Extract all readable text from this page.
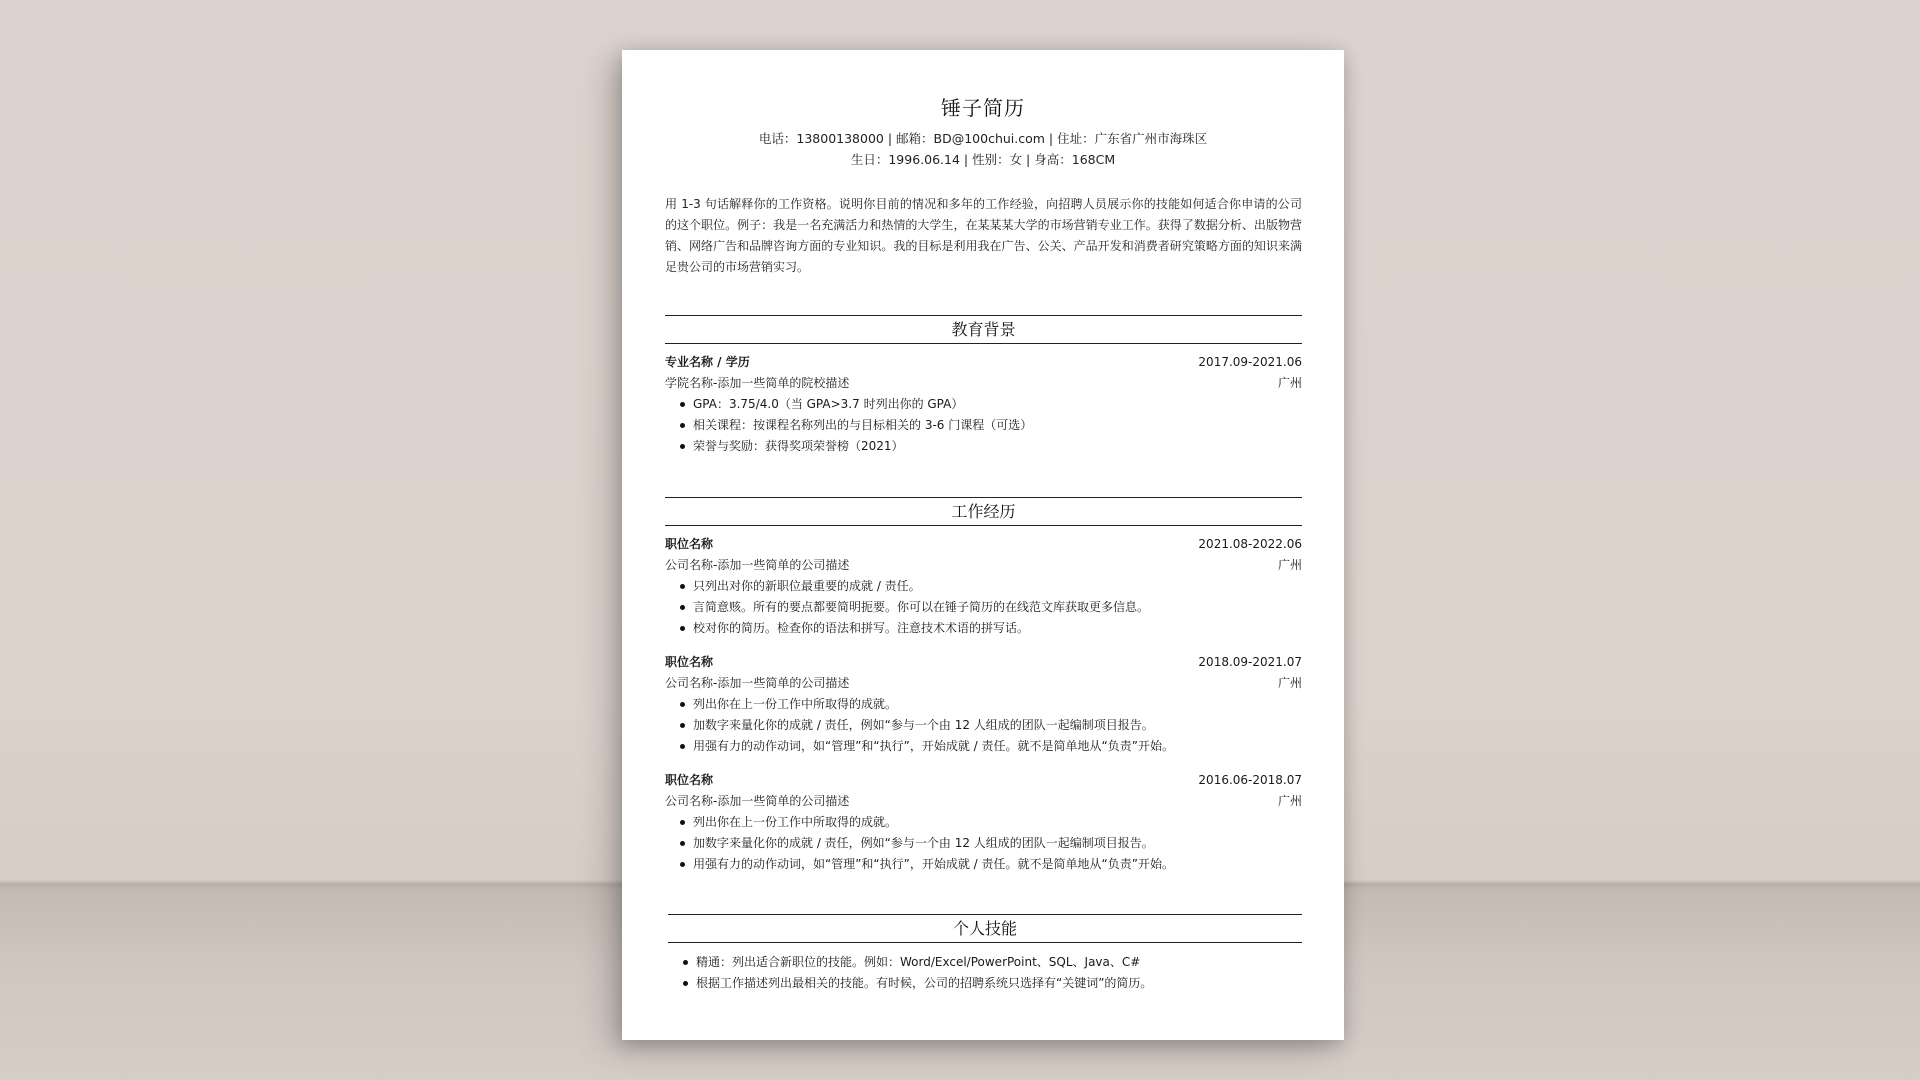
锤子简历
电话：13800138000 | 邮箱：BD@100chui.com | 住址：广东省广州市海珠区
生日：1996.06.14 | 性别：女 | 身高：168CM
用 1-3 句话解释你的工作资格。说明你目前的情况和多年的工作经验，向招聘人员展示你的技能如何适合你申请的公司的这个职位。例子：我是一名充满活力和热情的大学生，在某某某大学的市场营销专业工作。获得了数据分析、出版物营销、网络广告和品牌咨询方面的专业知识。我的目标是利用我在广告、公关、产品开发和消费者研究策略方面的知识来满足贵公司的市场营销实习。
教育背景
专业名称 / 学历	2017.09-2021.06
学院名称-添加一些简单的院校描述	广州
GPA：3.75/4.0（当 GPA>3.7 时列出你的 GPA）
相关课程：按课程名称列出的与目标相关的 3-6 门课程（可选）
荣誉与奖励：获得奖项荣誉榜（2021）
工作经历
职位名称	2021.08-2022.06
公司名称-添加一些简单的公司描述	广州
只列出对你的新职位最重要的成就 / 责任。
言简意赅。所有的要点都要简明扼要。你可以在锤子简历的在线范文库获取更多信息。
校对你的简历。检查你的语法和拼写。注意技术术语的拼写话。
职位名称	2018.09-2021.07
公司名称-添加一些简单的公司描述	广州
列出你在上一份工作中所取得的成就。
加数字来量化你的成就 / 责任，例如“参与一个由 12 人组成的团队一起编制项目报告。
用强有力的动作动词，如“管理”和“执行”，开始成就 / 责任。就不是简单地从“负责”开始。
职位名称	2016.06-2018.07
公司名称-添加一些简单的公司描述	广州
列出你在上一份工作中所取得的成就。
加数字来量化你的成就 / 责任，例如“参与一个由 12 人组成的团队一起编制项目报告。
用强有力的动作动词，如“管理”和“执行”，开始成就 / 责任。就不是简单地从“负责”开始。
个人技能
精通：列出适合新职位的技能。例如：Word/Excel/PowerPoint、SQL、Java、C#
根据工作描述列出最相关的技能。有时候，公司的招聘系统只选择有“关键词”的简历。
